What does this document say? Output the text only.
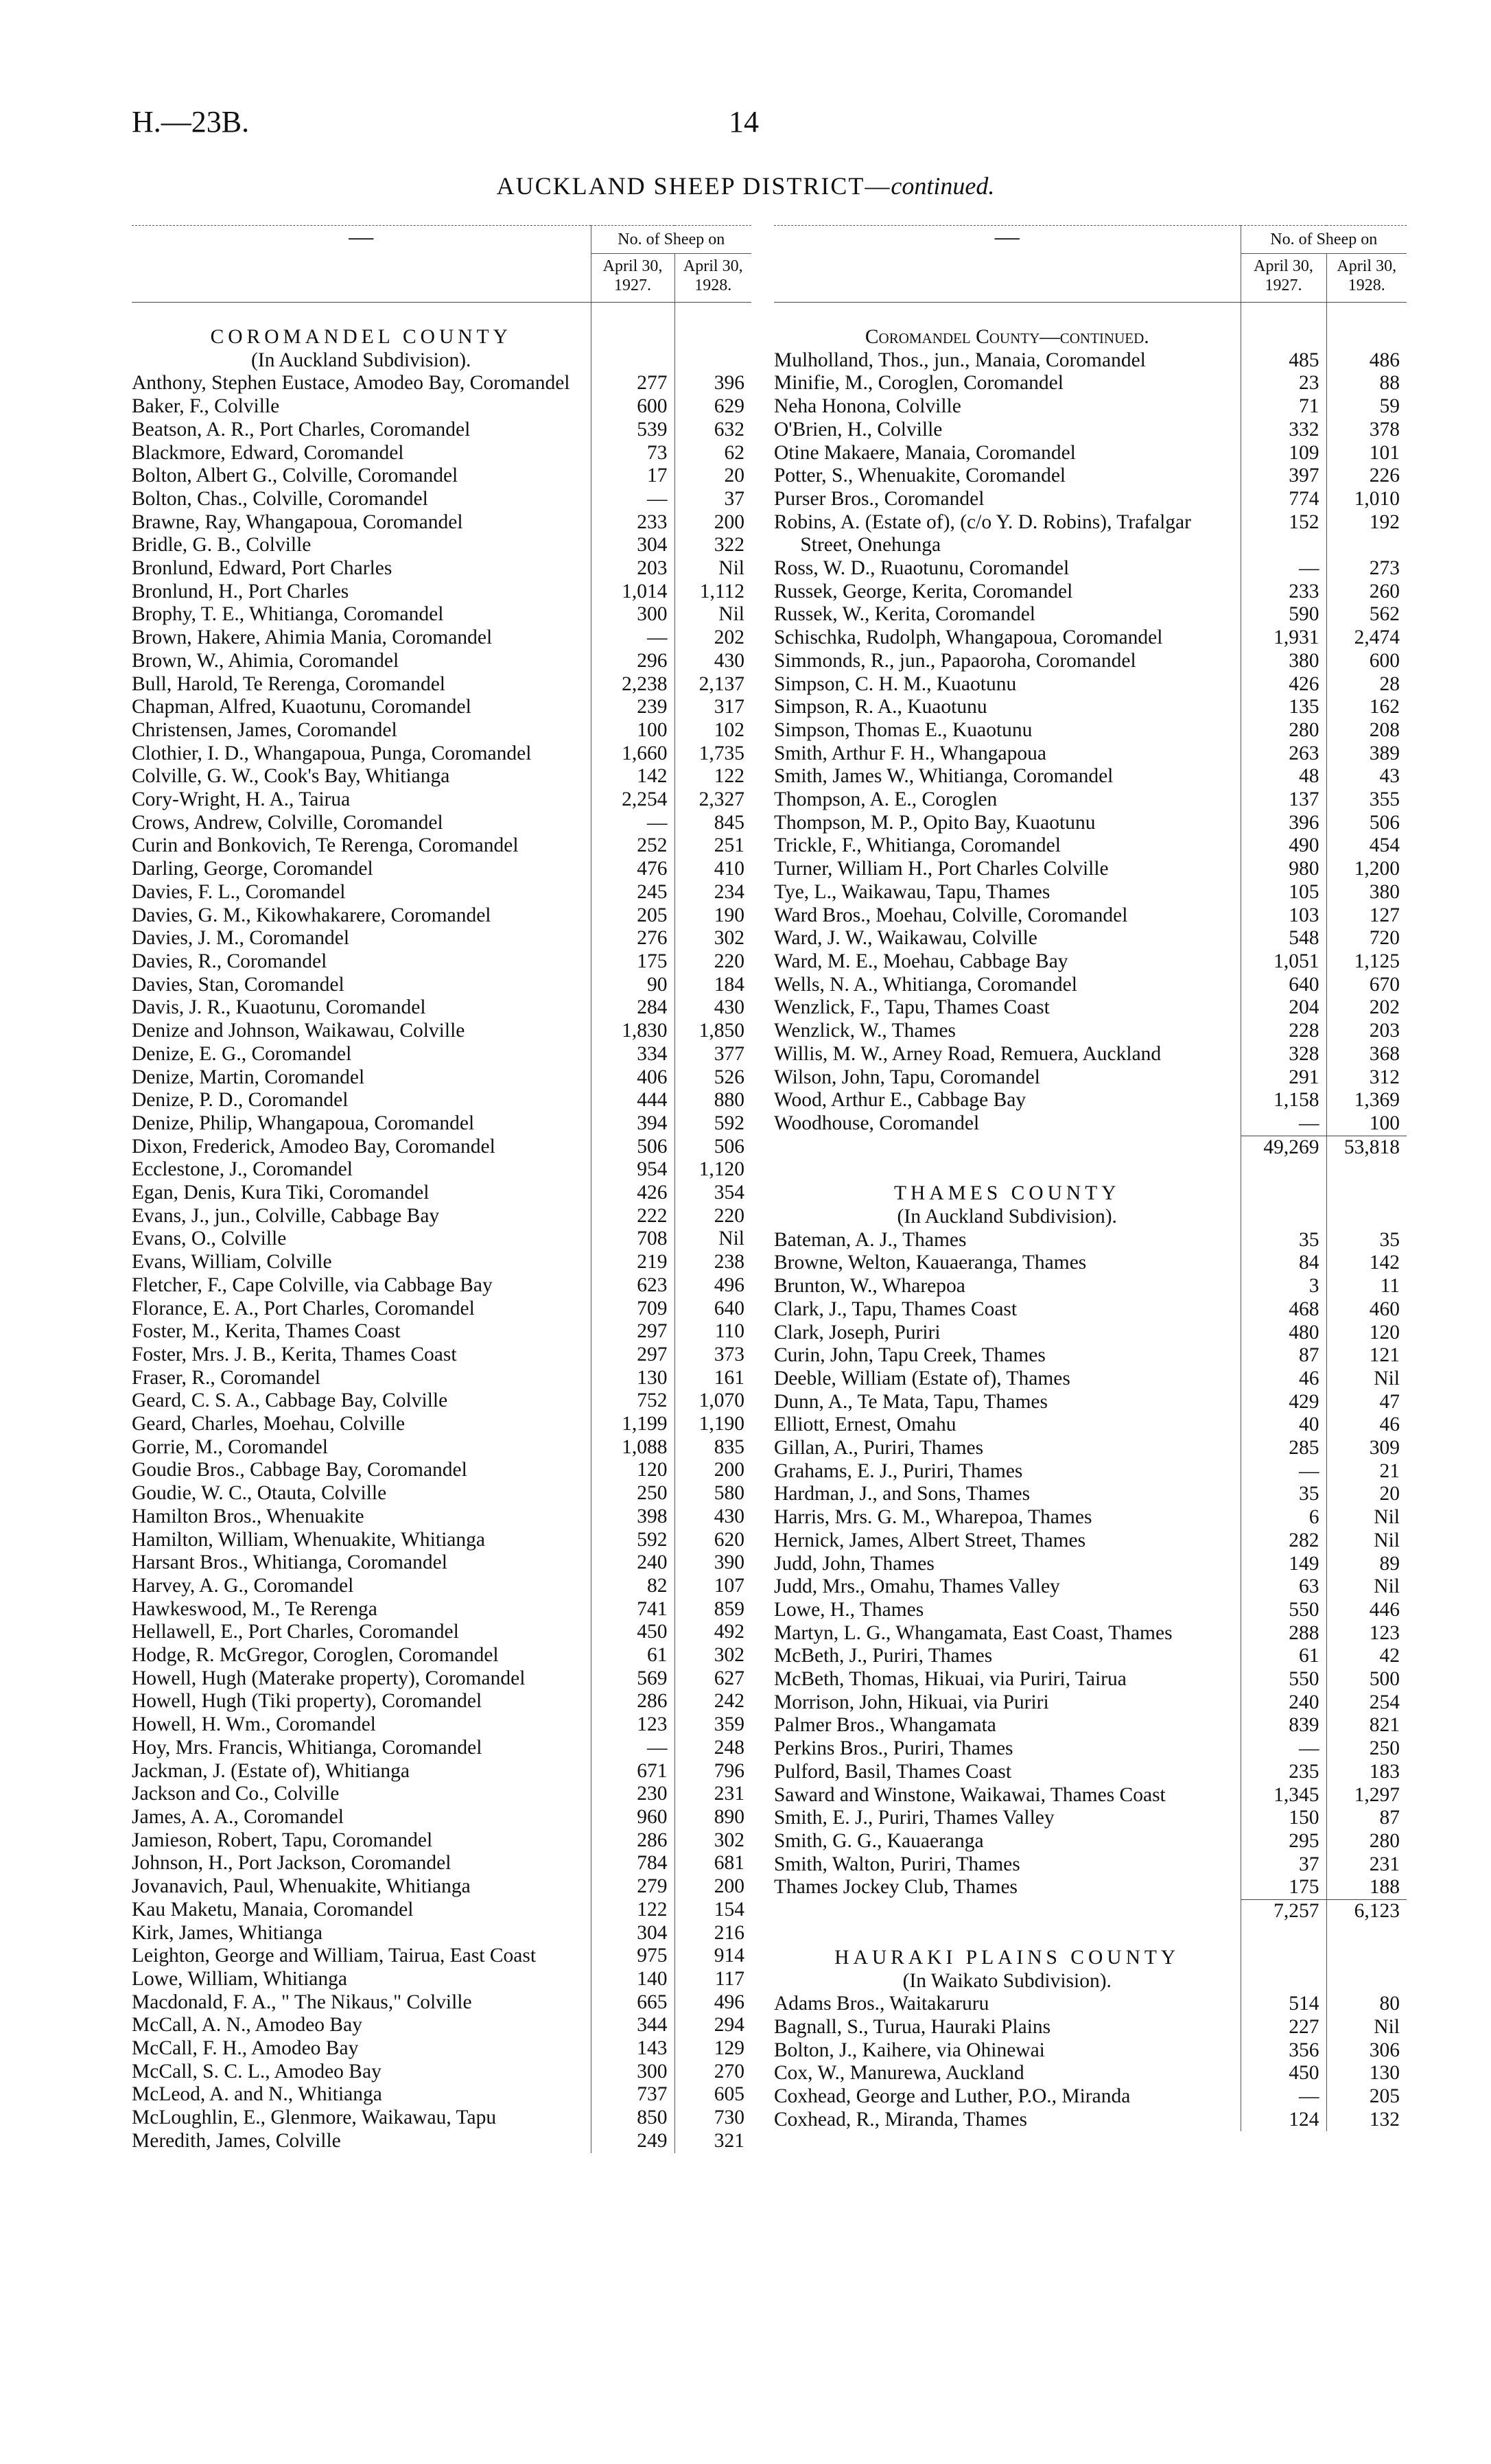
H.—23B.	14
AUCKLAND SHEEP DISTRICT—continued.

—	No. of Sheep on	
	April 30, 1927.	April 30, 1928.

COROMANDEL COUNTY		
(In Auckland Subdivision).		
Anthony, Stephen Eustace, Amodeo Bay, Coromandel	277	396
Baker, F., Colville	600	629
Beatson, A. R., Port Charles, Coromandel	539	632
Blackmore, Edward, Coromandel	73	62
Bolton, Albert G., Colville, Coromandel	17	20
Bolton, Chas., Colville, Coromandel	—	37
Brawne, Ray, Whangapoua, Coromandel	233	200
Bridle, G. B., Colville	304	322
Bronlund, Edward, Port Charles	203	Nil
Bronlund, H., Port Charles	1,014	1,112
Brophy, T. E., Whitianga, Coromandel	300	Nil
Brown, Hakere, Ahimia Mania, Coromandel	—	202
Brown, W., Ahimia, Coromandel	296	430
Bull, Harold, Te Rerenga, Coromandel	2,238	2,137
Chapman, Alfred, Kuaotunu, Coromandel	239	317
Christensen, James, Coromandel	100	102
Clothier, I. D., Whangapoua, Punga, Coromandel	1,660	1,735
Colville, G. W., Cook's Bay, Whitianga	142	122
Cory-Wright, H. A., Tairua	2,254	2,327
Crows, Andrew, Colville, Coromandel	—	845
Curin and Bonkovich, Te Rerenga, Coromandel	252	251
Darling, George, Coromandel	476	410
Davies, F. L., Coromandel	245	234
Davies, G. M., Kikowhakarere, Coromandel	205	190
Davies, J. M., Coromandel	276	302
Davies, R., Coromandel	175	220
Davies, Stan, Coromandel	90	184
Davis, J. R., Kuaotunu, Coromandel	284	430
Denize and Johnson, Waikawau, Colville	1,830	1,850
Denize, E. G., Coromandel	334	377
Denize, Martin, Coromandel	406	526
Denize, P. D., Coromandel	444	880
Denize, Philip, Whangapoua, Coromandel	394	592
Dixon, Frederick, Amodeo Bay, Coromandel	506	506
Ecclestone, J., Coromandel	954	1,120
Egan, Denis, Kura Tiki, Coromandel	426	354
Evans, J., jun., Colville, Cabbage Bay	222	220
Evans, O., Colville	708	Nil
Evans, William, Colville	219	238
Fletcher, F., Cape Colville, via Cabbage Bay	623	496
Florance, E. A., Port Charles, Coromandel	709	640
Foster, M., Kerita, Thames Coast	297	110
Foster, Mrs. J. B., Kerita, Thames Coast	297	373
Fraser, R., Coromandel	130	161
Geard, C. S. A., Cabbage Bay, Colville	752	1,070
Geard, Charles, Moehau, Colville	1,199	1,190
Gorrie, M., Coromandel	1,088	835
Goudie Bros., Cabbage Bay, Coromandel	120	200
Goudie, W. C., Otauta, Colville	250	580
Hamilton Bros., Whenuakite	398	430
Hamilton, William, Whenuakite, Whitianga	592	620
Harsant Bros., Whitianga, Coromandel	240	390
Harvey, A. G., Coromandel	82	107
Hawkeswood, M., Te Rerenga	741	859
Hellawell, E., Port Charles, Coromandel	450	492
Hodge, R. McGregor, Coroglen, Coromandel	61	302
Howell, Hugh (Materake property), Coromandel	569	627
Howell, Hugh (Tiki property), Coromandel	286	242
Howell, H. Wm., Coromandel	123	359
Hoy, Mrs. Francis, Whitianga, Coromandel	—	248
Jackman, J. (Estate of), Whitianga	671	796
Jackson and Co., Colville	230	231
James, A. A., Coromandel	960	890
Jamieson, Robert, Tapu, Coromandel	286	302
Johnson, H., Port Jackson, Coromandel	784	681
Jovanavich, Paul, Whenuakite, Whitianga	279	200
Kau Maketu, Manaia, Coromandel	122	154
Kirk, James, Whitianga	304	216
Leighton, George and William, Tairua, East Coast	975	914
Lowe, William, Whitianga	140	117
Macdonald, F. A., " The Nikaus," Colville	665	496
McCall, A. N., Amodeo Bay	344	294
McCall, F. H., Amodeo Bay	143	129
McCall, S. C. L., Amodeo Bay	300	270
McLeod, A. and N., Whitianga	737	605
McLoughlin, E., Glenmore, Waikawau, Tapu	850	730
Meredith, James, Colville	249	321

—	No. of Sheep on	
	April 30, 1927.	April 30, 1928.

Coromandel County—continued.		
Mulholland, Thos., jun., Manaia, Coromandel	485	486
Minifie, M., Coroglen, Coromandel	23	88
Neha Honona, Colville	71	59
O'Brien, H., Colville	332	378
Otine Makaere, Manaia, Coromandel	109	101
Potter, S., Whenuakite, Coromandel	397	226
Purser Bros., Coromandel	774	1,010
Robins, A. (Estate of), (c/o Y. D. Robins), Trafalgar Street, Onehunga	152	192
Ross, W. D., Ruaotunu, Coromandel	—	273
Russek, George, Kerita, Coromandel	233	260
Russek, W., Kerita, Coromandel	590	562
Schischka, Rudolph, Whangapoua, Coromandel	1,931	2,474
Simmonds, R., jun., Papaoroha, Coromandel	380	600
Simpson, C. H. M., Kuaotunu	426	28
Simpson, R. A., Kuaotunu	135	162
Simpson, Thomas E., Kuaotunu	280	208
Smith, Arthur F. H., Whangapoua	263	389
Smith, James W., Whitianga, Coromandel	48	43
Thompson, A. E., Coroglen	137	355
Thompson, M. P., Opito Bay, Kuaotunu	396	506
Trickle, F., Whitianga, Coromandel	490	454
Turner, William H., Port Charles Colville	980	1,200
Tye, L., Waikawau, Tapu, Thames	105	380
Ward Bros., Moehau, Colville, Coromandel	103	127
Ward, J. W., Waikawau, Colville	548	720
Ward, M. E., Moehau, Cabbage Bay	1,051	1,125
Wells, N. A., Whitianga, Coromandel	640	670
Wenzlick, F., Tapu, Thames Coast	204	202
Wenzlick, W., Thames	228	203
Willis, M. W., Arney Road, Remuera, Auckland	328	368
Wilson, John, Tapu, Coromandel	291	312
Wood, Arthur E., Cabbage Bay	1,158	1,369
Woodhouse, Coromandel	—	100
	49,269	53,818

THAMES COUNTY		
(In Auckland Subdivision).		
Bateman, A. J., Thames	35	35
Browne, Welton, Kauaeranga, Thames	84	142
Brunton, W., Wharepoa	3	11
Clark, J., Tapu, Thames Coast	468	460
Clark, Joseph, Puriri	480	120
Curin, John, Tapu Creek, Thames	87	121
Deeble, William (Estate of), Thames	46	Nil
Dunn, A., Te Mata, Tapu, Thames	429	47
Elliott, Ernest, Omahu	40	46
Gillan, A., Puriri, Thames	285	309
Grahams, E. J., Puriri, Thames	—	21
Hardman, J., and Sons, Thames	35	20
Harris, Mrs. G. M., Wharepoa, Thames	6	Nil
Hernick, James, Albert Street, Thames	282	Nil
Judd, John, Thames	149	89
Judd, Mrs., Omahu, Thames Valley	63	Nil
Lowe, H., Thames	550	446
Martyn, L. G., Whangamata, East Coast, Thames	288	123
McBeth, J., Puriri, Thames	61	42
McBeth, Thomas, Hikuai, via Puriri, Tairua	550	500
Morrison, John, Hikuai, via Puriri	240	254
Palmer Bros., Whangamata	839	821
Perkins Bros., Puriri, Thames	—	250
Pulford, Basil, Thames Coast	235	183
Saward and Winstone, Waikawai, Thames Coast	1,345	1,297
Smith, E. J., Puriri, Thames Valley	150	87
Smith, G. G., Kauaeranga	295	280
Smith, Walton, Puriri, Thames	37	231
Thames Jockey Club, Thames	175	188
	7,257	6,123

HAURAKI PLAINS COUNTY		
(In Waikato Subdivision).		
Adams Bros., Waitakaruru	514	80
Bagnall, S., Turua, Hauraki Plains	227	Nil
Bolton, J., Kaihere, via Ohinewai	356	306
Cox, W., Manurewa, Auckland	450	130
Coxhead, George and Luther, P.O., Miranda	—	205
Coxhead, R., Miranda, Thames	124	132
